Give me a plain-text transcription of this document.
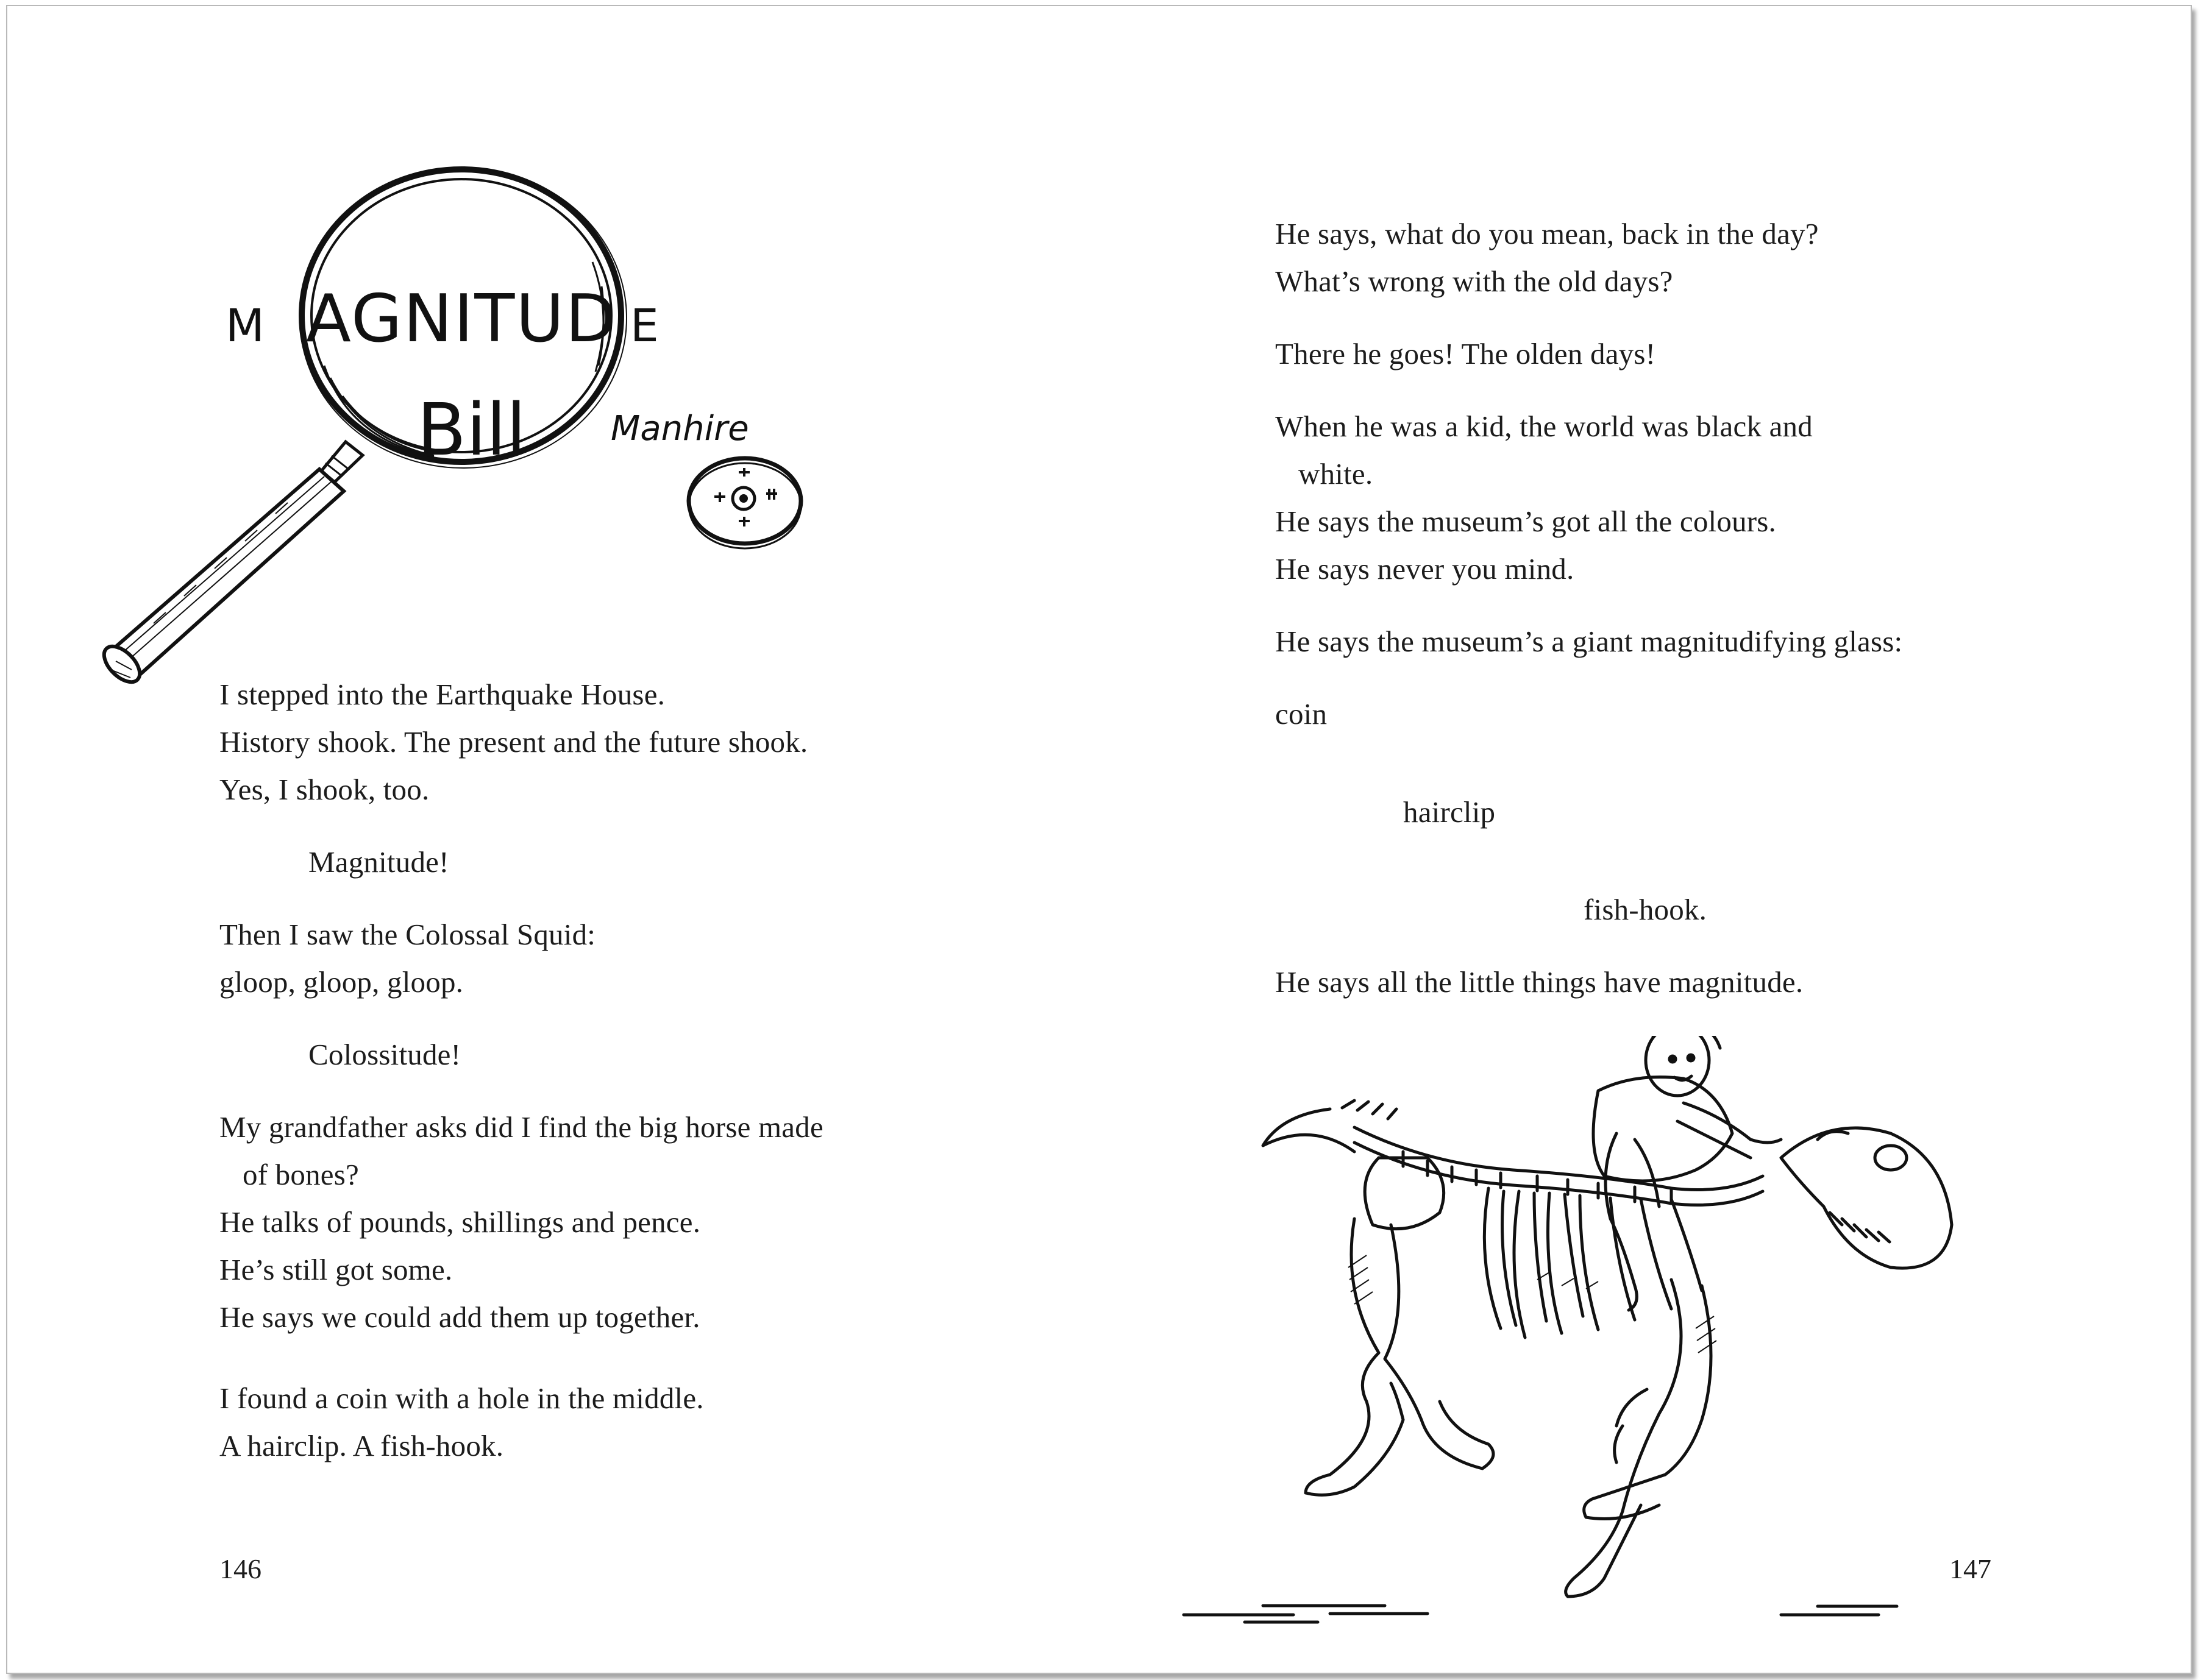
M AGNITUD E
Bill Manhire
I stepped into the Earthquake House.
History shook. The present and the future shook.
Yes, I shook, too.
Magnitude!
Then I saw the Colossal Squid:
gloop, gloop, gloop.
Colossitude!
My grandfather asks did I find the big horse made
of bones?
He talks of pounds, shillings and pence.
He’s still got some.
He says we could add them up together.
I found a coin with a hole in the middle.
A hairclip. A fish-hook.
146
He says, what do you mean, back in the day?
What’s wrong with the old days?
There he goes! The olden days!
When he was a kid, the world was black and
white.
He says the museum’s got all the colours.
He says never you mind.
He says the museum’s a giant magnitudifying glass:
coin
hairclip
fish-hook.
He says all the little things have magnitude.
147
